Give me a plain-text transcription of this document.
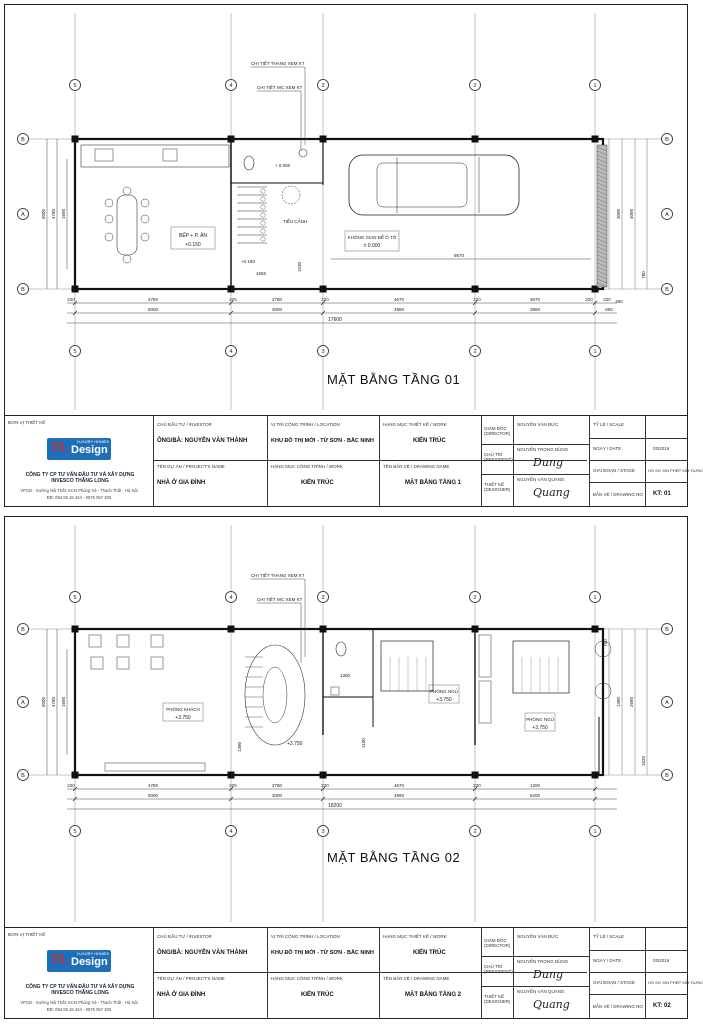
5
5
4
4
3
3
2
2
1
1
A	A
B	B
B	B
220	4780	220	2780	220	4670	220	3670	220 220
5000	3000	4890	3890	600
17600
5000 4780 1600	3000 4000
780
CHI TIẾT THANG XEM KT
CHI TIẾT WC XEM KT
BẾP + P. ĂN
+0.150
TIỂU CẢNH
+ 0.050
+0.150
KHÔNG GIAN ĐỂ Ô TÔ
± 0.000
1665
1530
8670
450
MẶT BẰNG TẦNG 01
ĐƠN VỊ THIẾT KẾ
TL Design
LUXURY HOMES
CÔNG TY CP TƯ VẤN ĐẦU TƯ VÀ XÂY DỰNG INVESCO THĂNG LONG
VPGD - Xưởng Nội Thất: KCN Phùng Xá - Thạch Thất - Hà Nội
ĐĐ: 094 55 16 444 - 0976 067 303
CHỦ ĐẦU TƯ / INVESTOR
ÔNG/BÀ: NGUYỄN VĂN THÀNH
TÊN DỰ ÁN / PROJECT'S NAME
NHÀ Ở GIA ĐÌNH
VỊ TRÍ CÔNG TRÌNH / LOCATION
KHU ĐÔ THỊ MỚI - TỪ SƠN - BẮC NINH
HẠNG MỤC CÔNG TRÌNH / WORK
KIẾN TRÚC
HẠNG MỤC THIẾT KẾ / WORK
KIẾN TRÚC
TÊN BẢN VẼ / DRAWING NAME
MẶT BẰNG TẦNG 1
GIÁM ĐỐC (DIRECTOR)
NGUYỄN VĂN ĐỨC
CHỦ TRÌ (PRESIDENT)
NGUYỄN TRỌNG DŨNG
Dung
THIẾT KẾ (DESIGNER)
NGUYỄN VĂN QUANG
Quang
TỶ LỆ / SCALE
NGÀY / DATE	03/2016
GIAI ĐOẠN / STAGE	HỒ SƠ XIN PHÉP XÂY DỰNG
BẢN VẼ / DRAWING NO KT: 01
5
5
4
4
3
3
2
2
1
1
A	A
B	B
B	B
220	4780	220	2780	220	4670	220	1200
5000	3000	4890	5200
18200
5000 4780 1600
700
1380 2680
1620
CHI TIẾT THANG XEM KT
CHI TIẾT WC XEM KT
PHÒNG KHÁCH
+3.750
PHÒNG NGỦ
+3.750
PHÒNG NGỦ
+3.750
+3.750
1380
1300
1100
MẶT BẰNG TẦNG 02
ĐƠN VỊ THIẾT KẾ
TL Design
LUXURY HOMES
CÔNG TY CP TƯ VẤN ĐẦU TƯ VÀ XÂY DỰNG INVESCO THĂNG LONG
VPGD - Xưởng Nội Thất: KCN Phùng Xá - Thạch Thất - Hà Nội
ĐĐ: 094 55 16 444 - 0976 067 303
CHỦ ĐẦU TƯ / INVESTOR
ÔNG/BÀ: NGUYỄN VĂN THÀNH
TÊN DỰ ÁN / PROJECT'S NAME
NHÀ Ở GIA ĐÌNH
VỊ TRÍ CÔNG TRÌNH / LOCATION
KHU ĐÔ THỊ MỚI - TỪ SƠN - BẮC NINH
HẠNG MỤC CÔNG TRÌNH / WORK
KIẾN TRÚC
HẠNG MỤC THIẾT KẾ / WORK
KIẾN TRÚC
TÊN BẢN VẼ / DRAWING NAME
MẶT BẰNG TẦNG 2
GIÁM ĐỐC (DIRECTOR)
NGUYỄN VĂN ĐỨC
CHỦ TRÌ (PRESIDENT)
NGUYỄN TRỌNG DŨNG
Dung
THIẾT KẾ (DESIGNER)
NGUYỄN VĂN QUANG
Quang
TỶ LỆ / SCALE
NGÀY / DATE	03/2016
GIAI ĐOẠN / STAGE	HỒ SƠ XIN PHÉP XÂY DỰNG
BẢN VẼ / DRAWING NO KT: 02
